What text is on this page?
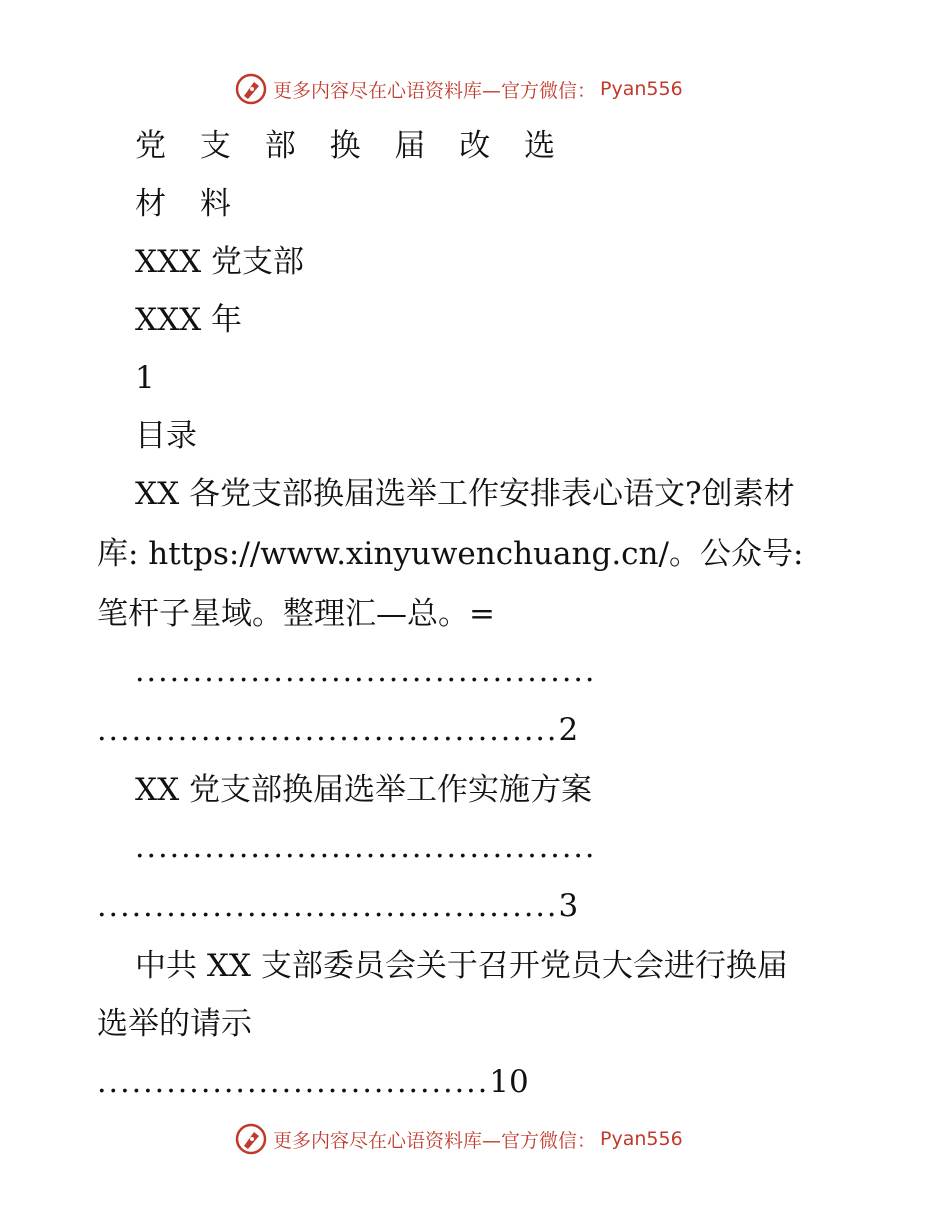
更多内容尽在心语资料库—官方微信： Pyan556
党 支 部 换 届 改 选
材 料
XXX 党支部
XXX 年
1
目录
XX 各党支部换届选举工作安排表心语文?创素材
库: https://www.xinyuwenchuang.cn/。公众号:
笔杆子星域。整理汇—总。=
........................................
........................................2
XX 党支部换届选举工作实施方案
........................................
........................................3
中共 XX 支部委员会关于召开党员大会进行换届
选举的请示
..................................10
更多内容尽在心语资料库—官方微信： Pyan556
